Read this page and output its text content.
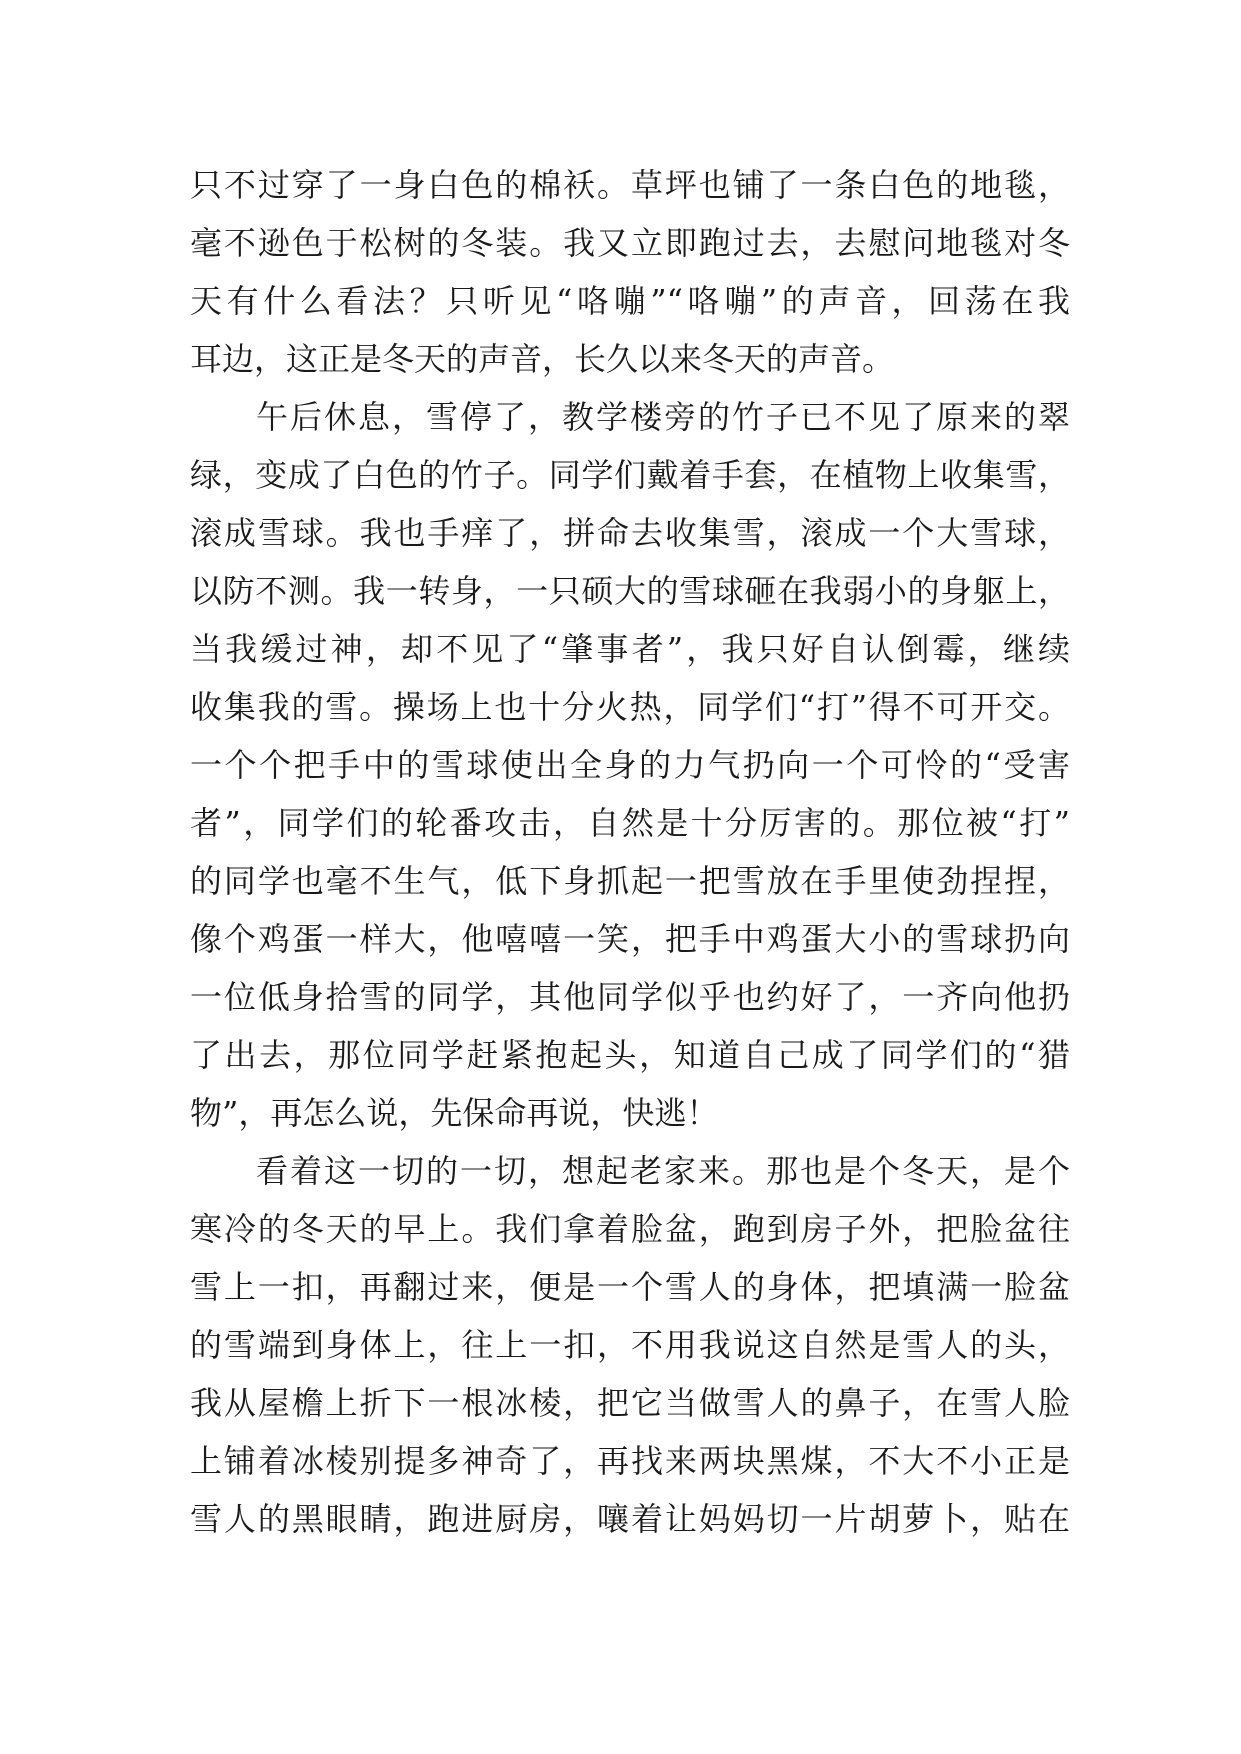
只不过穿了一身白色的棉袄。草坪也铺了一条白色的地毯，
毫不逊色于松树的冬装。我又立即跑过去，去慰问地毯对冬
天有什么看法？只听见“咯嘣”“咯嘣”的声音，回荡在我
耳边，这正是冬天的声音，长久以来冬天的声音。
午后休息，雪停了，教学楼旁的竹子已不见了原来的翠
绿，变成了白色的竹子。同学们戴着手套，在植物上收集雪，
滚成雪球。我也手痒了，拼命去收集雪，滚成一个大雪球，
以防不测。我一转身，一只硕大的雪球砸在我弱小的身躯上，
当我缓过神，却不见了“肇事者”，我只好自认倒霉，继续
收集我的雪。操场上也十分火热，同学们“打”得不可开交。
一个个把手中的雪球使出全身的力气扔向一个可怜的“受害
者”，同学们的轮番攻击，自然是十分厉害的。那位被“打”
的同学也毫不生气，低下身抓起一把雪放在手里使劲捏捏，
像个鸡蛋一样大，他嘻嘻一笑，把手中鸡蛋大小的雪球扔向
一位低身拾雪的同学，其他同学似乎也约好了，一齐向他扔
了出去，那位同学赶紧抱起头，知道自己成了同学们的“猎
物”，再怎么说，先保命再说，快逃！
看着这一切的一切，想起老家来。那也是个冬天，是个
寒冷的冬天的早上。我们拿着脸盆，跑到房子外，把脸盆往
雪上一扣，再翻过来，便是一个雪人的身体，把填满一脸盆
的雪端到身体上，往上一扣，不用我说这自然是雪人的头，
我从屋檐上折下一根冰棱，把它当做雪人的鼻子，在雪人脸
上铺着冰棱别提多神奇了，再找来两块黑煤，不大不小正是
雪人的黑眼睛，跑进厨房，嚷着让妈妈切一片胡萝卜，贴在
